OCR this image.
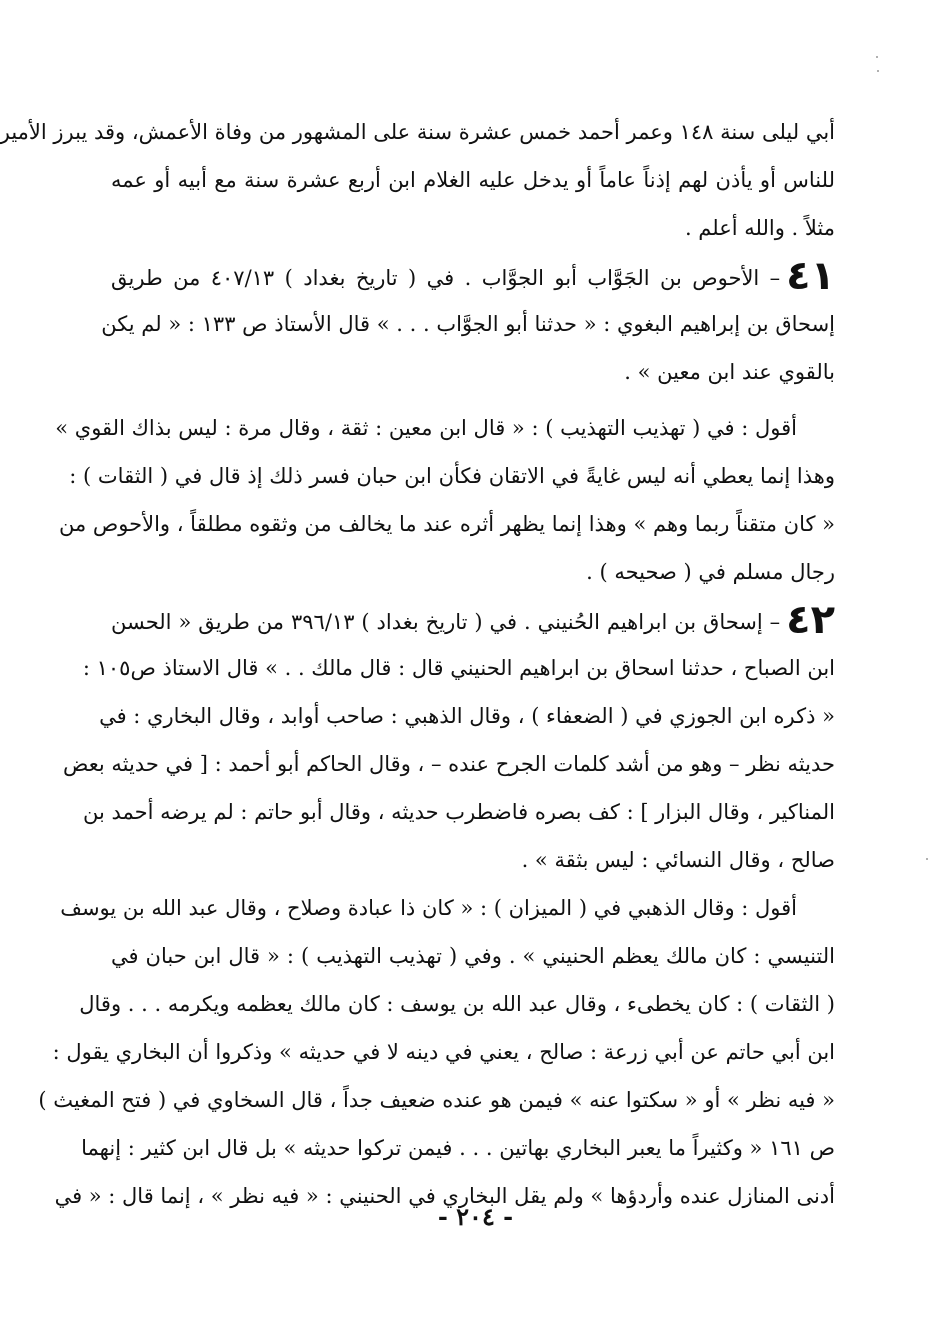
أبي ليلى سنة ١٤٨ وعمر أحمد خمس عشرة سنة على المشهور من وفاة الأعمش، وقد يبرز الأمير
للناس أو يأذن لهم إذناً عاماً أو يدخل عليه الغلام ابن أربع عشرة سنة مع أبيه أو عمه
مثلاً . والله أعلم .
٤١– الأحوص بن الجَوَّاب أبو الجوَّاب . في ( تاريخ بغداد ) ٤٠٧/١٣ من طريق
إسحاق بن إبراهيم البغوي : « حدثنا أبو الجوَّاب . . . » قال الأستاذ ص ١٣٣ : « لم يكن
بالقوي عند ابن معين » .
أقول : في ( تهذيب التهذيب ) : « قال ابن معين : ثقة ، وقال مرة : ليس بذاك القوي »
وهذا إنما يعطي أنه ليس غايةً في الاتقان فكأن ابن حبان فسر ذلك إذ قال في ( الثقات ) :
« كان متقناً ربما وهم » وهذا إنما يظهر أثره عند ما يخالف من وثقوه مطلقاً ، والأحوص من
رجال مسلم في ( صحيحه ) .
٤٢– إسحاق بن ابراهيم الحُنيني . في ( تاريخ بغداد ) ٣٩٦/١٣ من طريق « الحسن
ابن الصباح ، حدثنا اسحاق بن ابراهيم الحنيني قال : قال مالك . . » قال الاستاذ ص١٠٥ :
« ذكره ابن الجوزي في ( الضعفاء ) ، وقال الذهبي : صاحب أوابد ، وقال البخاري : في
حديثه نظر – وهو من أشد كلمات الجرح عنده – ، وقال الحاكم أبو أحمد : [ في حديثه بعض
المناكير ، وقال البزار ] : كف بصره فاضطرب حديثه ، وقال أبو حاتم : لم يرضه أحمد بن
صالح ، وقال النسائي : ليس بثقة » .
أقول : وقال الذهبي في ( الميزان ) : « كان ذا عبادة وصلاح ، وقال عبد الله بن يوسف
التنيسي : كان مالك يعظم الحنيني » . وفي ( تهذيب التهذيب ) : « قال ابن حبان في
( الثقات ) : كان يخطىء ، وقال عبد الله بن يوسف : كان مالك يعظمه ويكرمه . . . وقال
ابن أبي حاتم عن أبي زرعة : صالح ، يعني في دينه لا في حديثه » وذكروا أن البخاري يقول :
« فيه نظر » أو « سكتوا عنه » فيمن هو عنده ضعيف جداً ، قال السخاوي في ( فتح المغيث )
ص ١٦١ « وكثيراً ما يعبر البخاري بهاتين . . . فيمن تركوا حديثه » بل قال ابن كثير : إنهما
أدنى المنازل عنده وأردؤها » ولم يقل البخاري في الحنيني : « فيه نظر » ، إنما قال : « في
- ٢٠٤ -
